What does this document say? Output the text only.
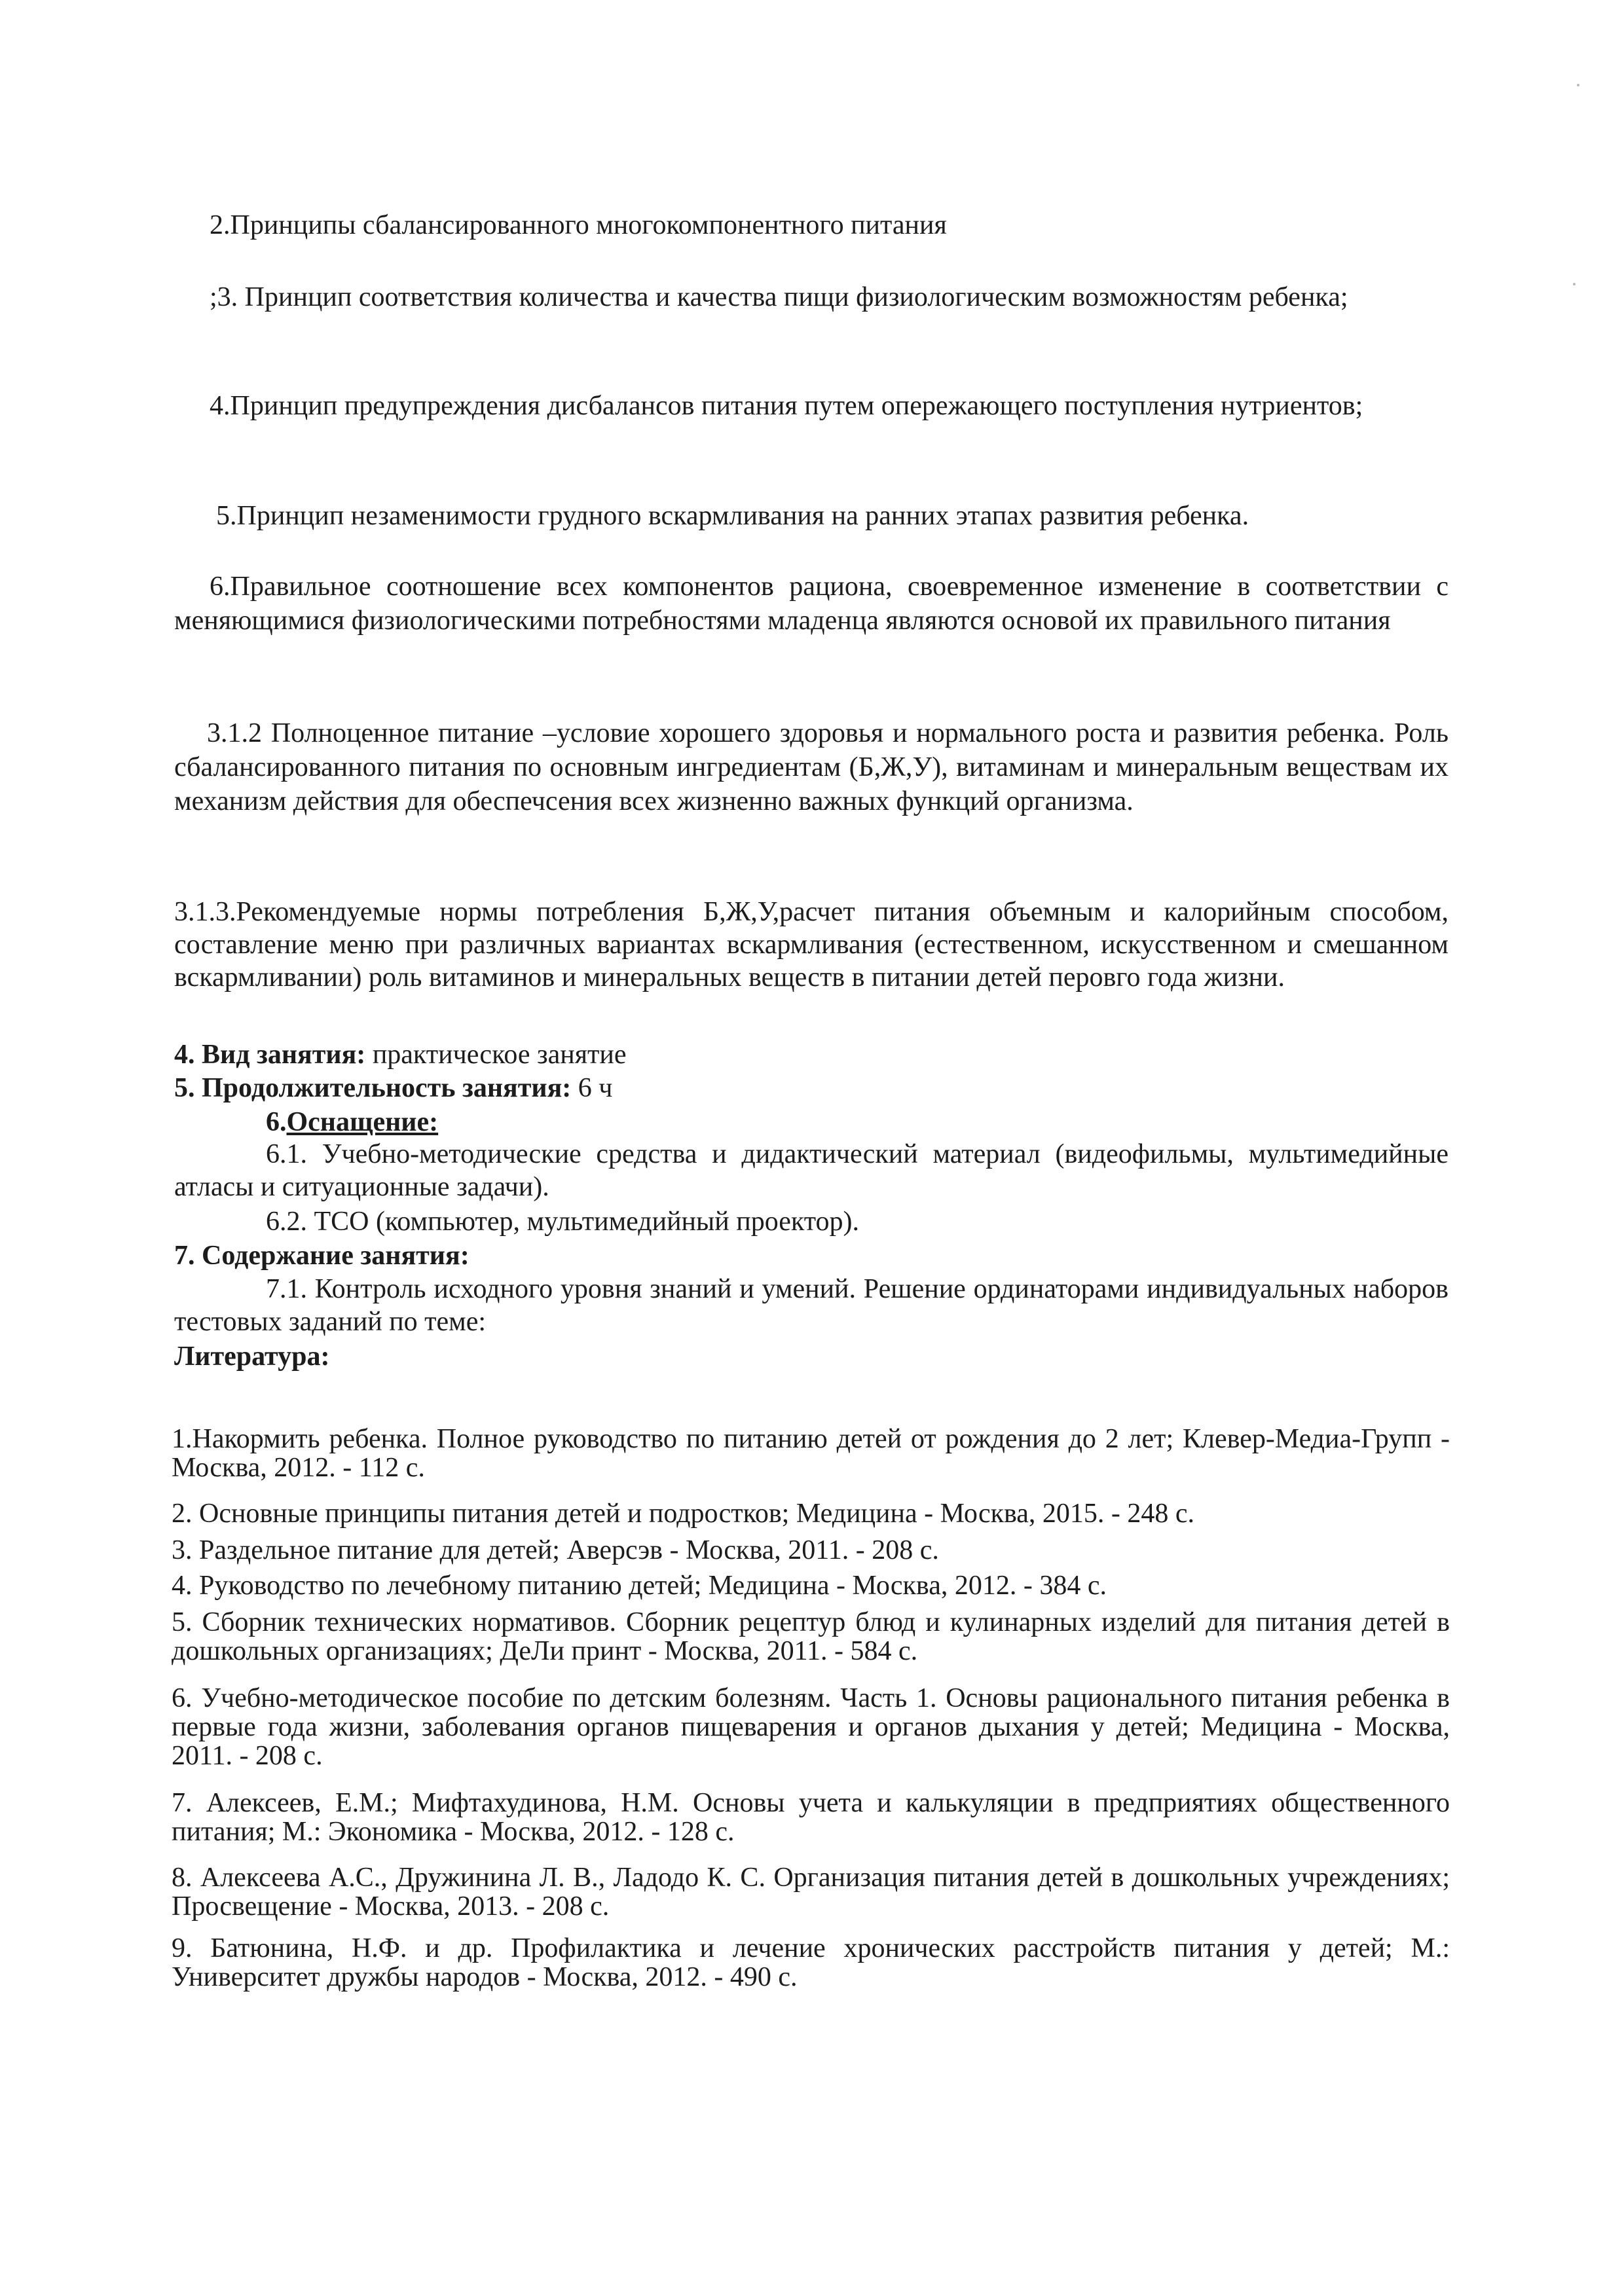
2.Принципы сбалансированного многокомпонентного питания

;3. Принцип соответствия количества и качества пищи физиологическим возможностям ребенка;

4.Принцип предупреждения дисбалансов питания путем опережающего поступления нутриентов;

5.Принцип незаменимости грудного вскармливания на ранних этапах развития ребенка.

6.Правильное соотношение всех компонентов рациона, своевременное изменение в соответствии с меняющимися физиологическими потребностями младенца являются основой их правильного питания

3.1.2 Полноценное питание –условие хорошего здоровья и нормального роста и развития ребенка. Роль сбалансированного питания по основным ингрeдиентам (Б,Ж,У), витаминам и минеральным веществам их механизм действия для обеспечсения всех жизненно важных функций организма.

3.1.3.Рекомендуемые нормы потребления Б,Ж,У,расчет питания объемным и калорийным способом, составление меню при различных вариантах вскармливания (естественном, искусственном и смешанном вскармливании) роль витаминов и минеральных веществ в питании детей перовго года жизни.

4. Вид занятия: практическое занятие

5. Продолжительность занятия: 6 ч

6.Оснащение:

6.1. Учебно-методические средства и дидактический материал (видеофильмы, мультимедийные атласы и ситуационные задачи).

6.2. ТСО (компьютер, мультимедийный проектор).

7. Содержание занятия:

7.1. Контроль исходного уровня знаний и умений. Решение ординаторами индивидуальных наборов тестовых заданий по теме:

Литература:

1.Накормить ребенка. Полное руководство по питанию детей от рождения до 2 лет; Клевер-Медиа-Групп - Москва, 2012. - 112 с.

2. Основные принципы питания детей и подростков; Медицина - Москва, 2015. - 248 с.

3. Раздельное питание для детей; Аверсэв - Москва, 2011. - 208 с.

4. Руководство по лечебному питанию детей; Медицина - Москва, 2012. - 384 с.

5. Сборник технических нормативов. Сборник рецептур блюд и кулинарных изделий для питания детей в дошкольных организациях; ДеЛи принт - Москва, 2011. - 584 с.

6. Учебно-методическое пособие по детским болезням. Часть 1. Основы рационального питания ребенка в первые года жизни, заболевания органов пищеварения и органов дыхания у детей; Медицина - Москва, 2011. - 208 с.

7. Алексеев, Е.М.; Мифтахудинова, Н.М. Основы учета и калькуляции в предприятиях общественного питания; М.: Экономика - Москва, 2012. - 128 с.

8. Алексеева А.С., Дружинина Л. В., Ладодо К. С. Организация питания детей в дошкольных учреждениях; Просвещение - Москва, 2013. - 208 с.

9. Батюнина, Н.Ф. и др. Профилактика и лечение хронических расстройств питания у детей; М.: Университет дружбы народов - Москва, 2012. - 490 с.
